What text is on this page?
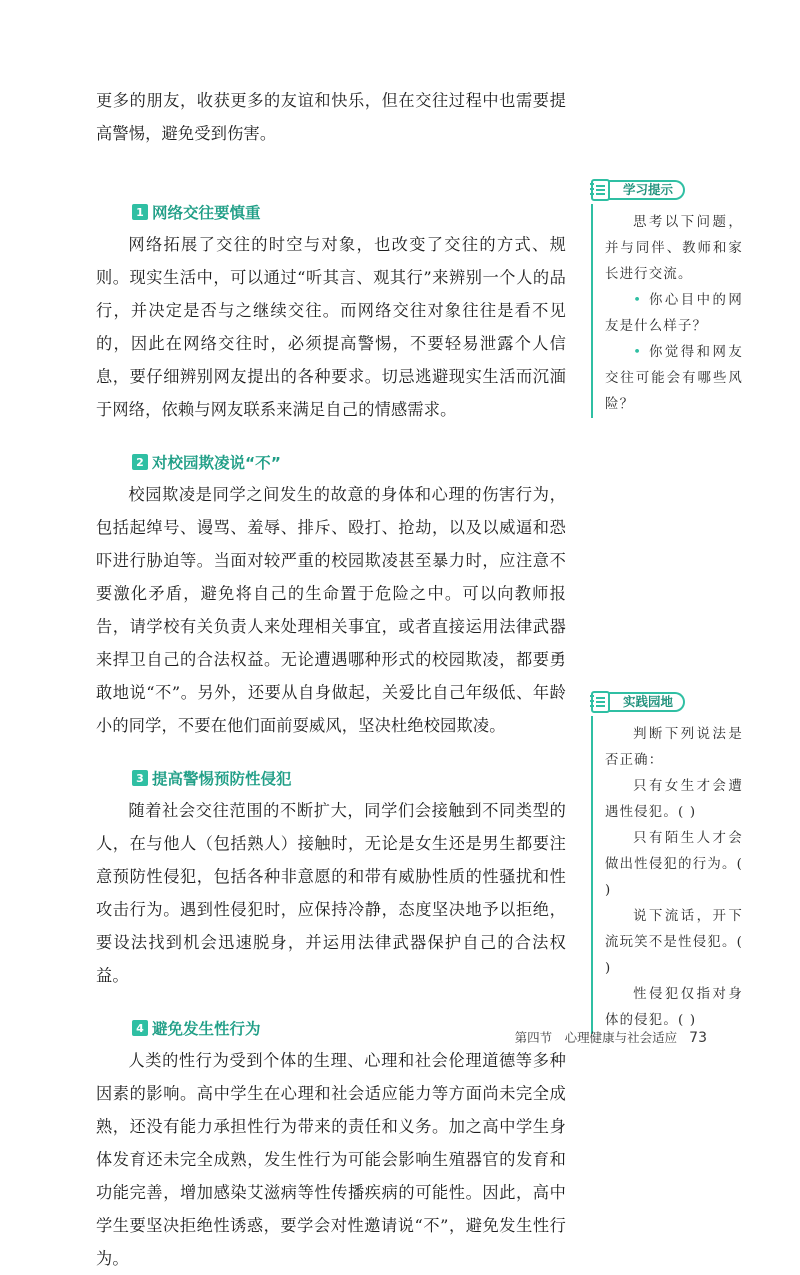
更多的朋友，收获更多的友谊和快乐，但在交往过程中也需要提高警惕，避免受到伤害。

1 网络交往要慎重

网络拓展了交往的时空与对象，也改变了交往的方式、规则。现实生活中，可以通过“听其言、观其行”来辨别一个人的品行，并决定是否与之继续交往。而网络交往对象往往是看不见的，因此在网络交往时，必须提高警惕，不要轻易泄露个人信息，要仔细辨别网友提出的各种要求。切忌逃避现实生活而沉湎于网络，依赖与网友联系来满足自己的情感需求。

2 对校园欺凌说“不”

校园欺凌是同学之间发生的故意的身体和心理的伤害行为，包括起绰号、谩骂、羞辱、排斥、殴打、抢劫，以及以威逼和恐吓进行胁迫等。当面对较严重的校园欺凌甚至暴力时，应注意不要激化矛盾，避免将自己的生命置于危险之中。可以向教师报告，请学校有关负责人来处理相关事宜，或者直接运用法律武器来捍卫自己的合法权益。无论遭遇哪种形式的校园欺凌，都要勇敢地说“不”。另外，还要从自身做起，关爱比自己年级低、年龄小的同学，不要在他们面前耍威风，坚决杜绝校园欺凌。

3 提高警惕预防性侵犯

随着社会交往范围的不断扩大，同学们会接触到不同类型的人，在与他人（包括熟人）接触时，无论是女生还是男生都要注意预防性侵犯，包括各种非意愿的和带有威胁性质的性骚扰和性攻击行为。遇到性侵犯时，应保持冷静，态度坚决地予以拒绝，要设法找到机会迅速脱身，并运用法律武器保护自己的合法权益。

4 避免发生性行为

人类的性行为受到个体的生理、心理和社会伦理道德等多种因素的影响。高中学生在心理和社会适应能力等方面尚未完全成熟，还没有能力承担性行为带来的责任和义务。加之高中学生身体发育还未完全成熟，发生性行为可能会影响生殖器官的发育和功能完善，增加感染艾滋病等性传播疾病的可能性。因此，高中学生要坚决拒绝性诱惑，要学会对性邀请说“不”，避免发生性行为。

学习提示

思考以下问题，并与同伴、教师和家长进行交流。

• 你心目中的网友是什么样子？

• 你觉得和网友交往可能会有哪些风险？

实践园地

判断下列说法是否正确：

只有女生才会遭遇性侵犯。( )

只有陌生人才会做出性侵犯的行为。( )

说下流话，开下流玩笑不是性侵犯。( )

性侵犯仅指对身体的侵犯。( )

第四节　心理健康与社会适应 73
